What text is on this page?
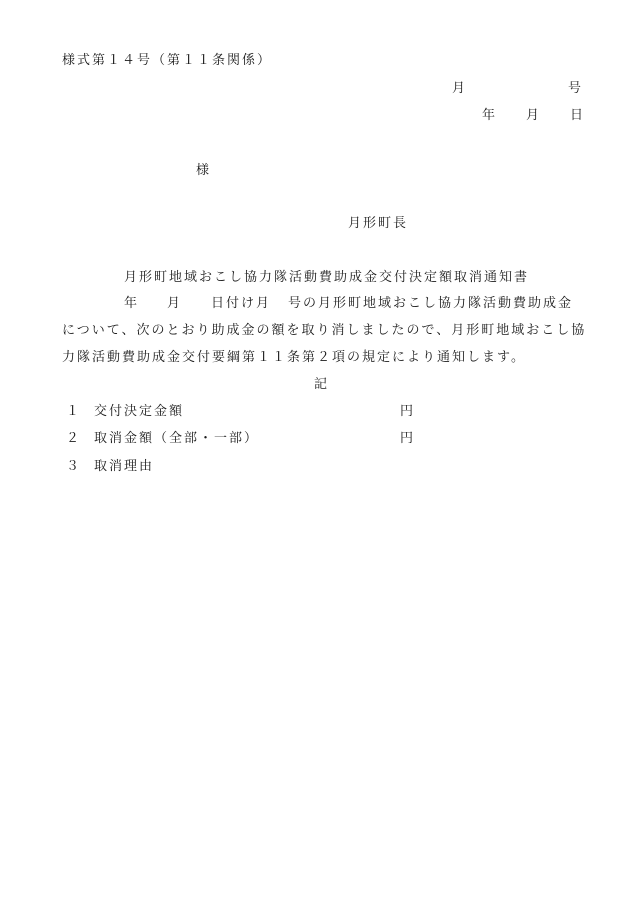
様式第１４号（第１１条関係）
月	号
年 月 日
様
月形町長
月形町地域おこし協力隊活動費助成金交付決定額取消通知書
年 月 日付け月 号の月形町地域おこし協力隊活動費助成金
について、次のとおり助成金の額を取り消しましたので、月形町地域おこし協
力隊活動費助成金交付要綱第１１条第２項の規定により通知します。
記
１ 交付決定金額	円
２ 取消金額（全部・一部）	円
３ 取消理由
